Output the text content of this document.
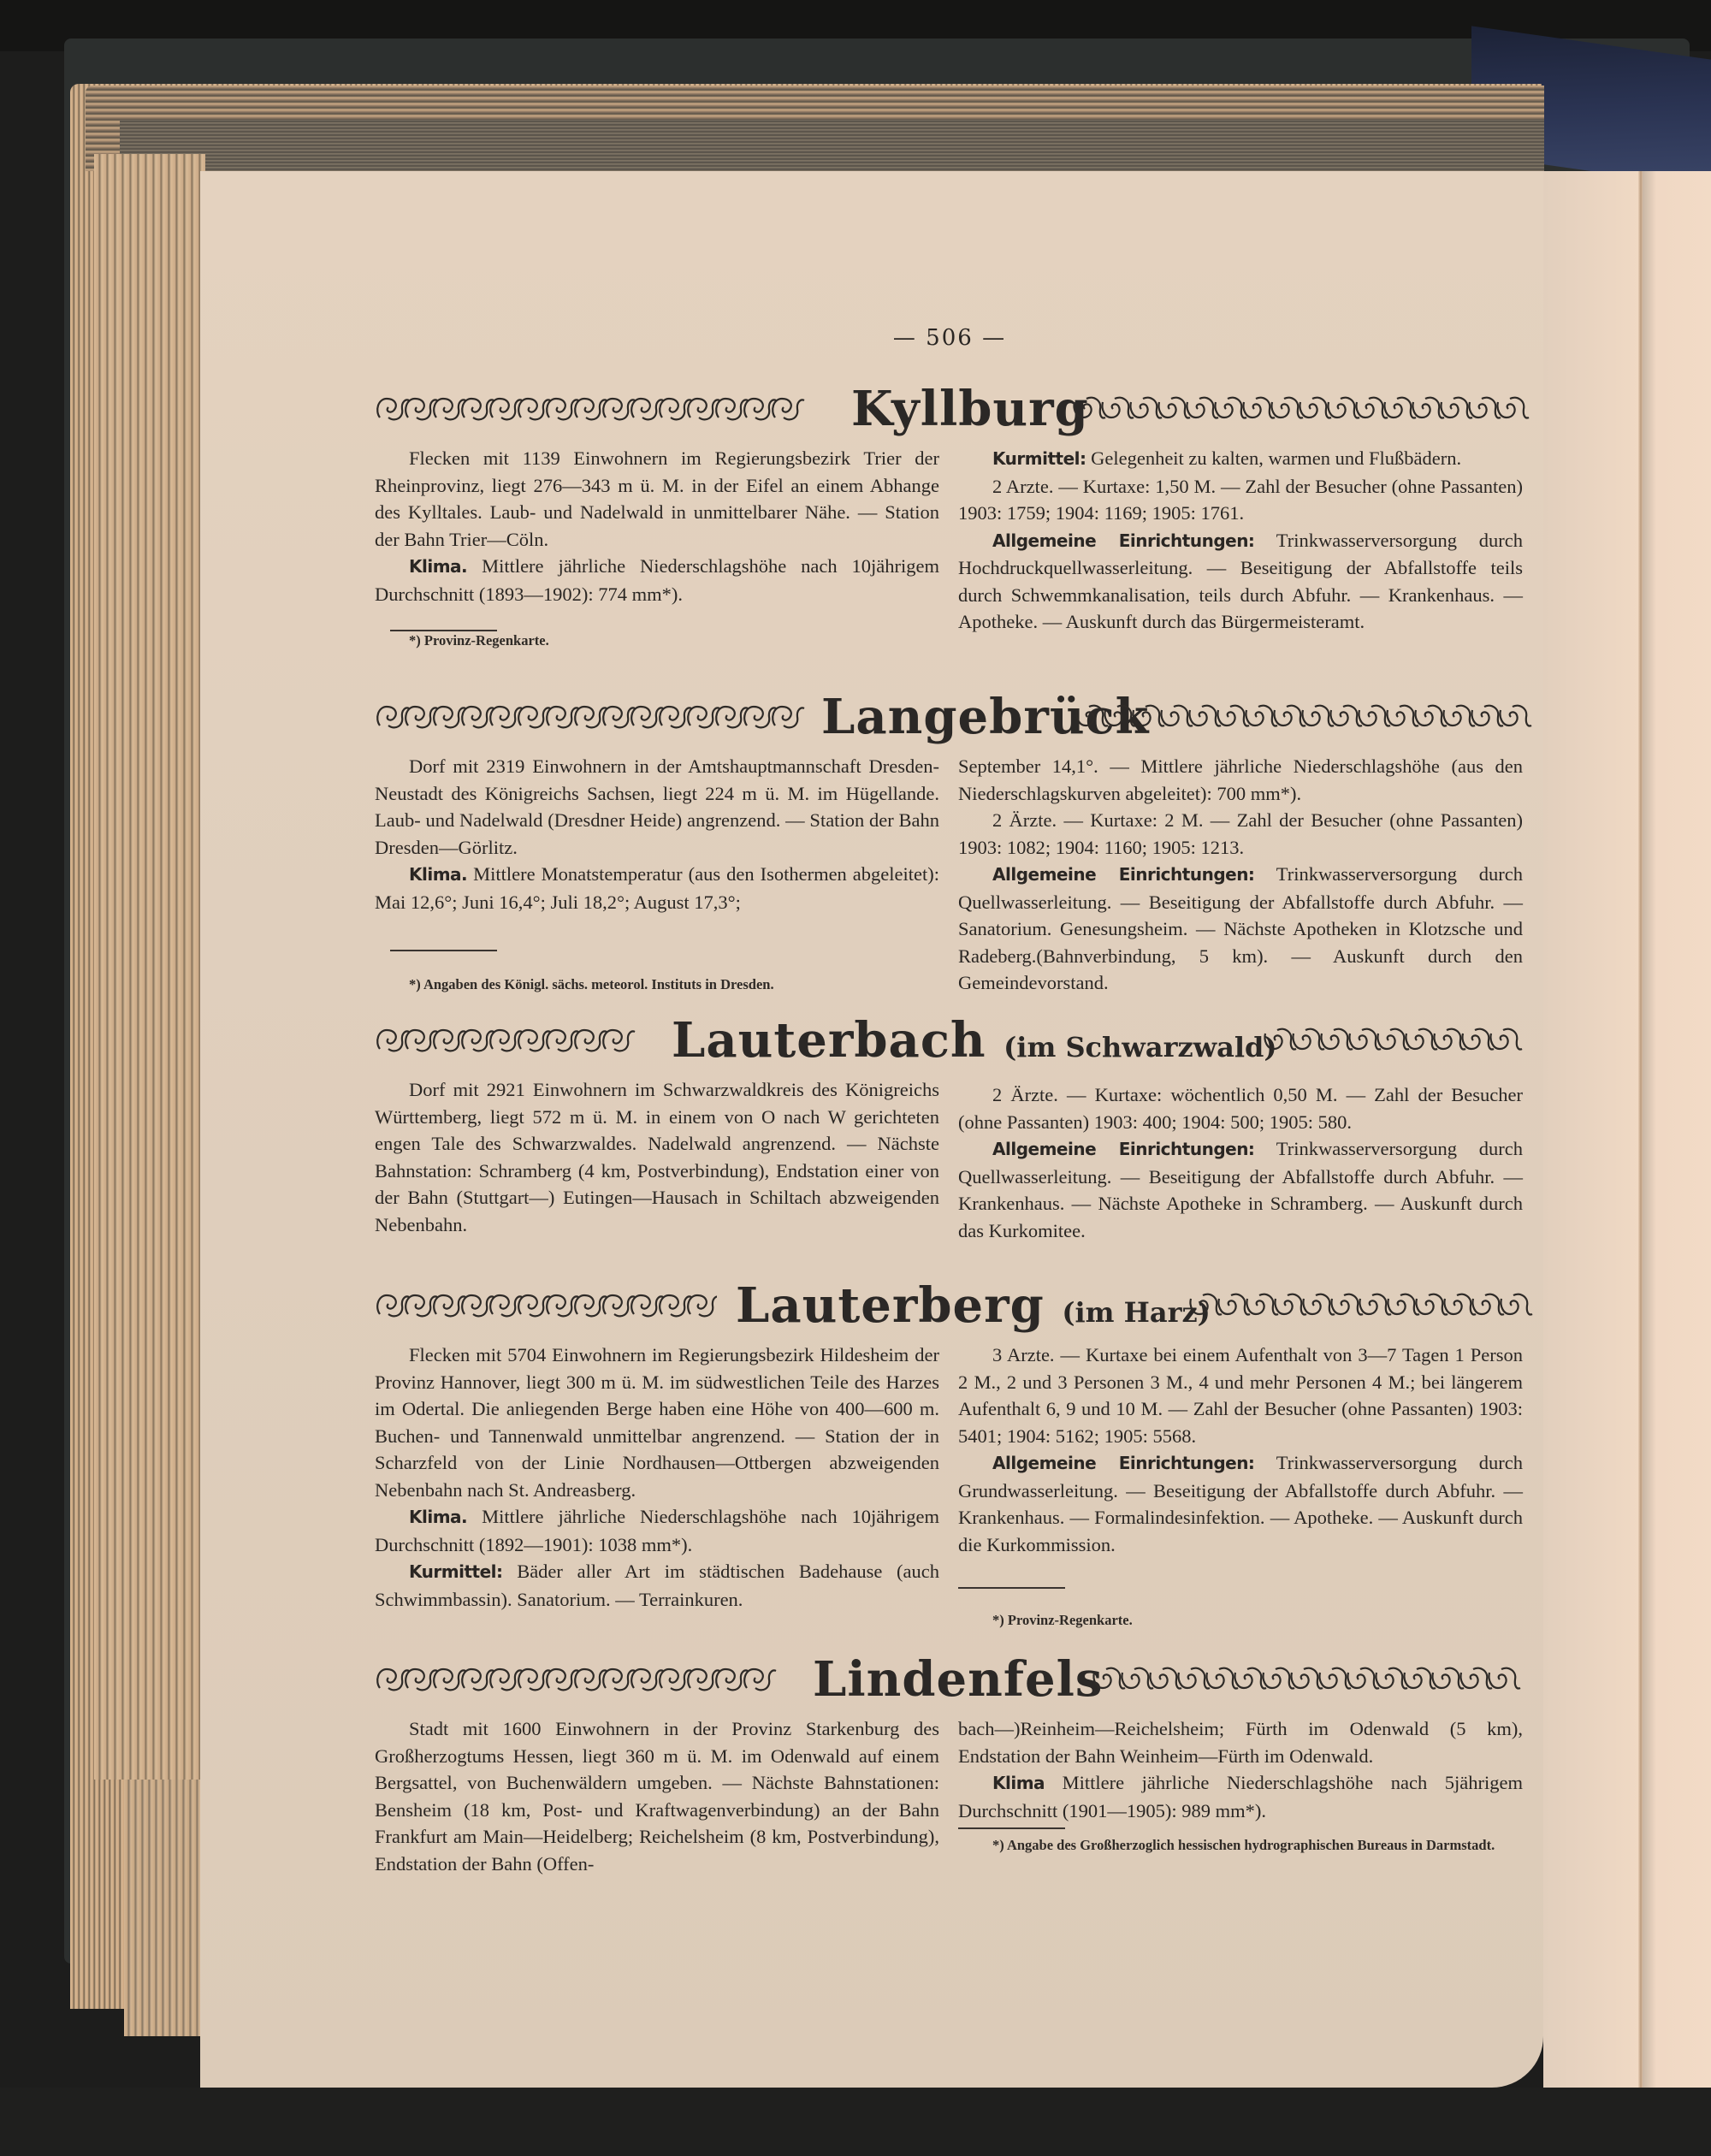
— 506 —
Kyllburg

Flecken mit 1139 Einwohnern im Regierungsbezirk Trier der Rheinprovinz, liegt 276—343 m ü. M. in der Eifel an einem Abhange des Kylltales. Laub- und Nadelwald in unmittelbarer Nähe. — Station der Bahn Trier—Cöln.

Klima. Mittlere jährliche Niederschlagshöhe nach 10jährigem Durchschnitt (1893—1902): 774 mm*).

*) Provinz-Regenkarte.

Kurmittel: Gelegenheit zu kalten, warmen und Flußbädern.

2 Arzte. — Kurtaxe: 1,50 M. — Zahl der Besucher (ohne Passanten) 1903: 1759; 1904: 1169; 1905: 1761.

Allgemeine Einrichtungen: Trinkwasserversorgung durch Hochdruckquellwasserleitung. — Beseitigung der Abfallstoffe teils durch Schwemmkanalisation, teils durch Abfuhr. — Krankenhaus. — Apotheke. — Auskunft durch das Bürgermeisteramt.

Langebrück

Dorf mit 2319 Einwohnern in der Amtshauptmannschaft Dresden-Neustadt des Königreichs Sachsen, liegt 224 m ü. M. im Hügellande. Laub- und Nadelwald (Dresdner Heide) angrenzend. — Station der Bahn Dresden—Görlitz.

Klima. Mittlere Monatstemperatur (aus den Isothermen abgeleitet): Mai 12,6°; Juni 16,4°; Juli 18,2°; August 17,3°;

*) Angaben des Königl. sächs. meteorol. Instituts in Dresden.

September 14,1°. — Mittlere jährliche Niederschlagshöhe (aus den Niederschlagskurven abgeleitet): 700 mm*).

2 Ärzte. — Kurtaxe: 2 M. — Zahl der Besucher (ohne Passanten) 1903: 1082; 1904: 1160; 1905: 1213.

Allgemeine Einrichtungen: Trinkwasserversorgung durch Quellwasserleitung. — Beseitigung der Abfallstoffe durch Abfuhr. — Sanatorium. Genesungsheim. — Nächste Apotheken in Klotzsche und Radeberg.(Bahnverbindung, 5 km). — Auskunft durch den Gemeindevorstand.

Lauterbach (im Schwarzwald)

Dorf mit 2921 Einwohnern im Schwarzwaldkreis des Königreichs Württemberg, liegt 572 m ü. M. in einem von O nach W gerichteten engen Tale des Schwarzwaldes. Nadelwald angrenzend. — Nächste Bahnstation: Schramberg (4 km, Postverbindung), Endstation einer von der Bahn (Stuttgart—) Eutingen—Hausach in Schiltach abzweigenden Nebenbahn.

2 Ärzte. — Kurtaxe: wöchentlich 0,50 M. — Zahl der Besucher (ohne Passanten) 1903: 400; 1904: 500; 1905: 580.

Allgemeine Einrichtungen: Trinkwasserversorgung durch Quellwasserleitung. — Beseitigung der Abfallstoffe durch Abfuhr. — Krankenhaus. — Nächste Apotheke in Schramberg. — Auskunft durch das Kurkomitee.

Lauterberg (im Harz)

Flecken mit 5704 Einwohnern im Regierungsbezirk Hildesheim der Provinz Hannover, liegt 300 m ü. M. im südwestlichen Teile des Harzes im Odertal. Die anliegenden Berge haben eine Höhe von 400—600 m. Buchen- und Tannenwald unmittelbar angrenzend. — Station der in Scharzfeld von der Linie Nordhausen—Ottbergen abzweigenden Nebenbahn nach St. Andreasberg.

Klima. Mittlere jährliche Niederschlagshöhe nach 10jährigem Durchschnitt (1892—1901): 1038 mm*).

Kurmittel: Bäder aller Art im städtischen Badehause (auch Schwimmbassin). Sanatorium. — Terrainkuren.

3 Arzte. — Kurtaxe bei einem Aufenthalt von 3—7 Tagen 1 Person 2 M., 2 und 3 Personen 3 M., 4 und mehr Personen 4 M.; bei längerem Aufenthalt 6, 9 und 10 M. — Zahl der Besucher (ohne Passanten) 1903: 5401; 1904: 5162; 1905: 5568.

Allgemeine Einrichtungen: Trinkwasserversorgung durch Grundwasserleitung. — Beseitigung der Abfallstoffe durch Abfuhr. — Krankenhaus. — Formalindesinfektion. — Apotheke. — Auskunft durch die Kurkommission.

*) Provinz-Regenkarte.

Lindenfels

Stadt mit 1600 Einwohnern in der Provinz Starkenburg des Großherzogtums Hessen, liegt 360 m ü. M. im Odenwald auf einem Bergsattel, von Buchenwäldern umgeben. — Nächste Bahnstationen: Bensheim (18 km, Post- und Kraftwagenverbindung) an der Bahn Frankfurt am Main—Heidelberg; Reichelsheim (8 km, Postverbindung), Endstation der Bahn (Offen-

bach—)Reinheim—Reichelsheim; Fürth im Odenwald (5 km), Endstation der Bahn Weinheim—Fürth im Odenwald.

Klima Mittlere jährliche Niederschlagshöhe nach 5jährigem Durchschnitt (1901—1905): 989 mm*).

*) Angabe des Großherzoglich hessischen hydrographischen Bureaus in Darmstadt.
